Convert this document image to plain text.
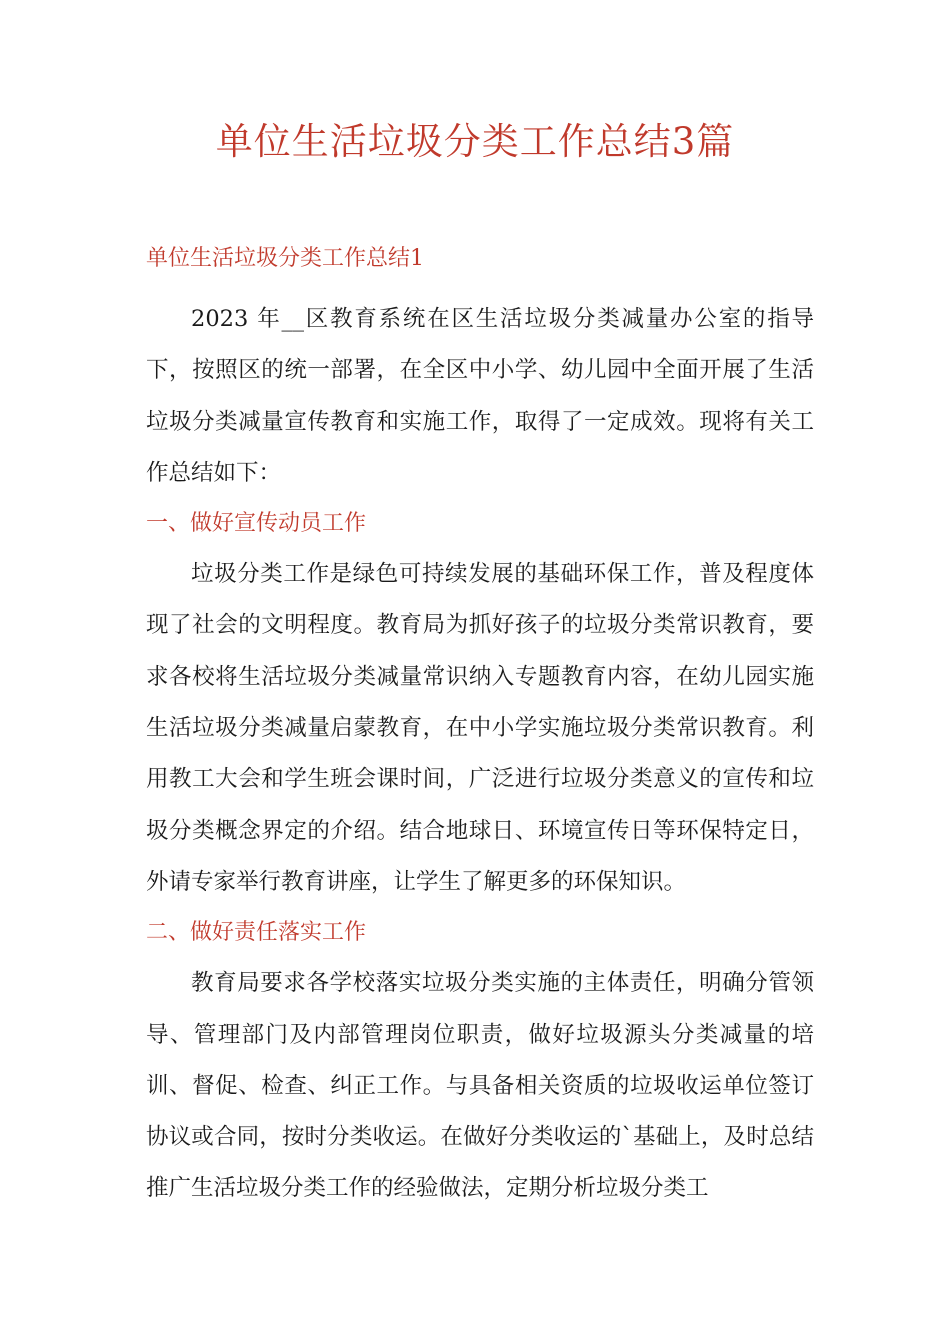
单位生活垃圾分类工作总结3篇
单位生活垃圾分类工作总结1

2023 年__区教育系统在区生活垃圾分类减量办公室的指导下，按照区的统一部署，在全区中小学、幼儿园中全面开展了生活垃圾分类减量宣传教育和实施工作，取得了一定成效。现将有关工作总结如下：

一、做好宣传动员工作

垃圾分类工作是绿色可持续发展的基础环保工作，普及程度体现了社会的文明程度。教育局为抓好孩子的垃圾分类常识教育，要求各校将生活垃圾分类减量常识纳入专题教育内容，在幼儿园实施生活垃圾分类减量启蒙教育，在中小学实施垃圾分类常识教育。利用教工大会和学生班会课时间，广泛进行垃圾分类意义的宣传和垃圾分类概念界定的介绍。结合地球日、环境宣传日等环保特定日，外请专家举行教育讲座，让学生了解更多的环保知识。

二、做好责任落实工作

教育局要求各学校落实垃圾分类实施的主体责任，明确分管领导、管理部门及内部管理岗位职责，做好垃圾源头分类减量的培训、督促、检查、纠正工作。与具备相关资质的垃圾收运单位签订协议或合同，按时分类收运。在做好分类收运的`基础上，及时总结推广生活垃圾分类工作的经验做法，定期分析垃圾分类工
